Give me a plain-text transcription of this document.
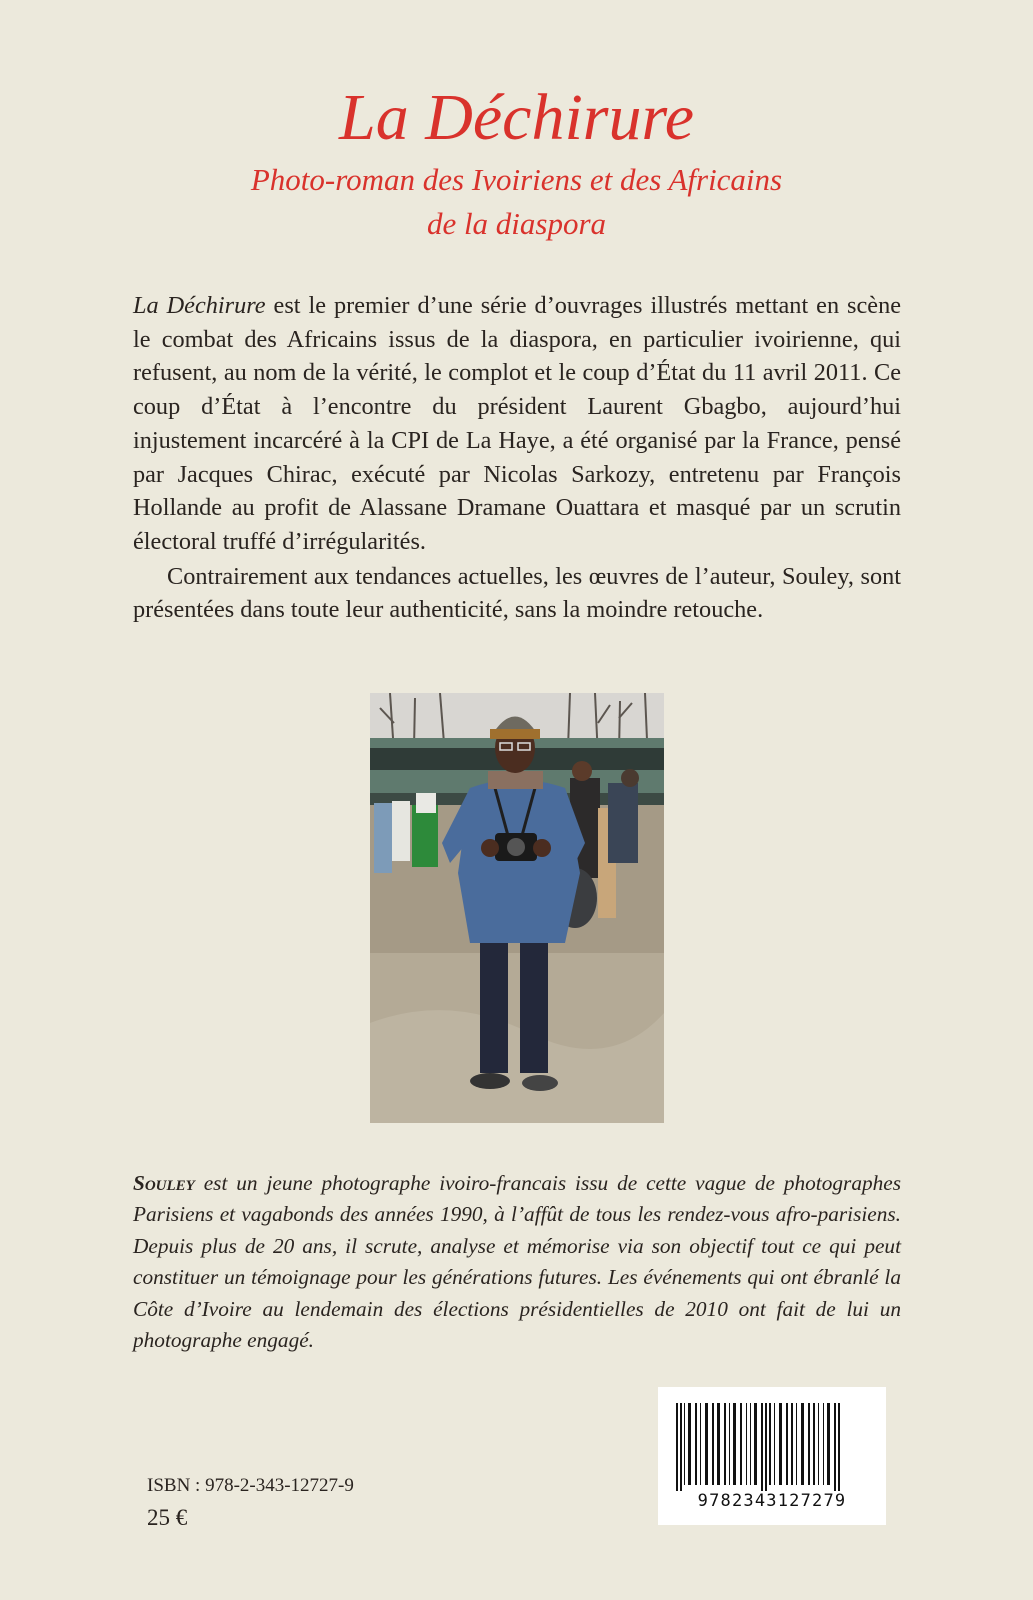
La Déchirure
Photo-roman des Ivoiriens et des Africains
de la diaspora

La Déchirure est le premier d’une série d’ouvrages illustrés mettant en scène le combat des Africains issus de la diaspora, en particulier ivoirienne, qui refusent, au nom de la vérité, le complot et le coup d’État du 11 avril 2011. Ce coup d’État à l’encontre du président Laurent Gbagbo, aujourd’hui injustement incarcéré à la CPI de La Haye, a été organisé par la France, pensé par Jacques Chirac, exécuté par Nicolas Sarkozy, entretenu par François Hollande au profit de Alassane Dramane Ouattara et masqué par un scrutin électoral truffé d’irrégularités.

Contrairement aux tendances actuelles, les œuvres de l’auteur, Souley, sont présentées dans toute leur authenticité, sans la moindre retouche.

Souley est un jeune photographe ivoiro-francais issu de cette vague de photographes Parisiens et vagabonds des années 1990, à l’affût de tous les rendez-vous afro-parisiens. Depuis plus de 20 ans, il scrute, analyse et mémorise via son objectif tout ce qui peut constituer un témoignage pour les générations futures. Les événements qui ont ébranlé la Côte d’Ivoire au lendemain des élections présidentielles de 2010 ont fait de lui un photographe engagé.
ISBN : 978-2-343-12727-9
25 €
9782343127279
